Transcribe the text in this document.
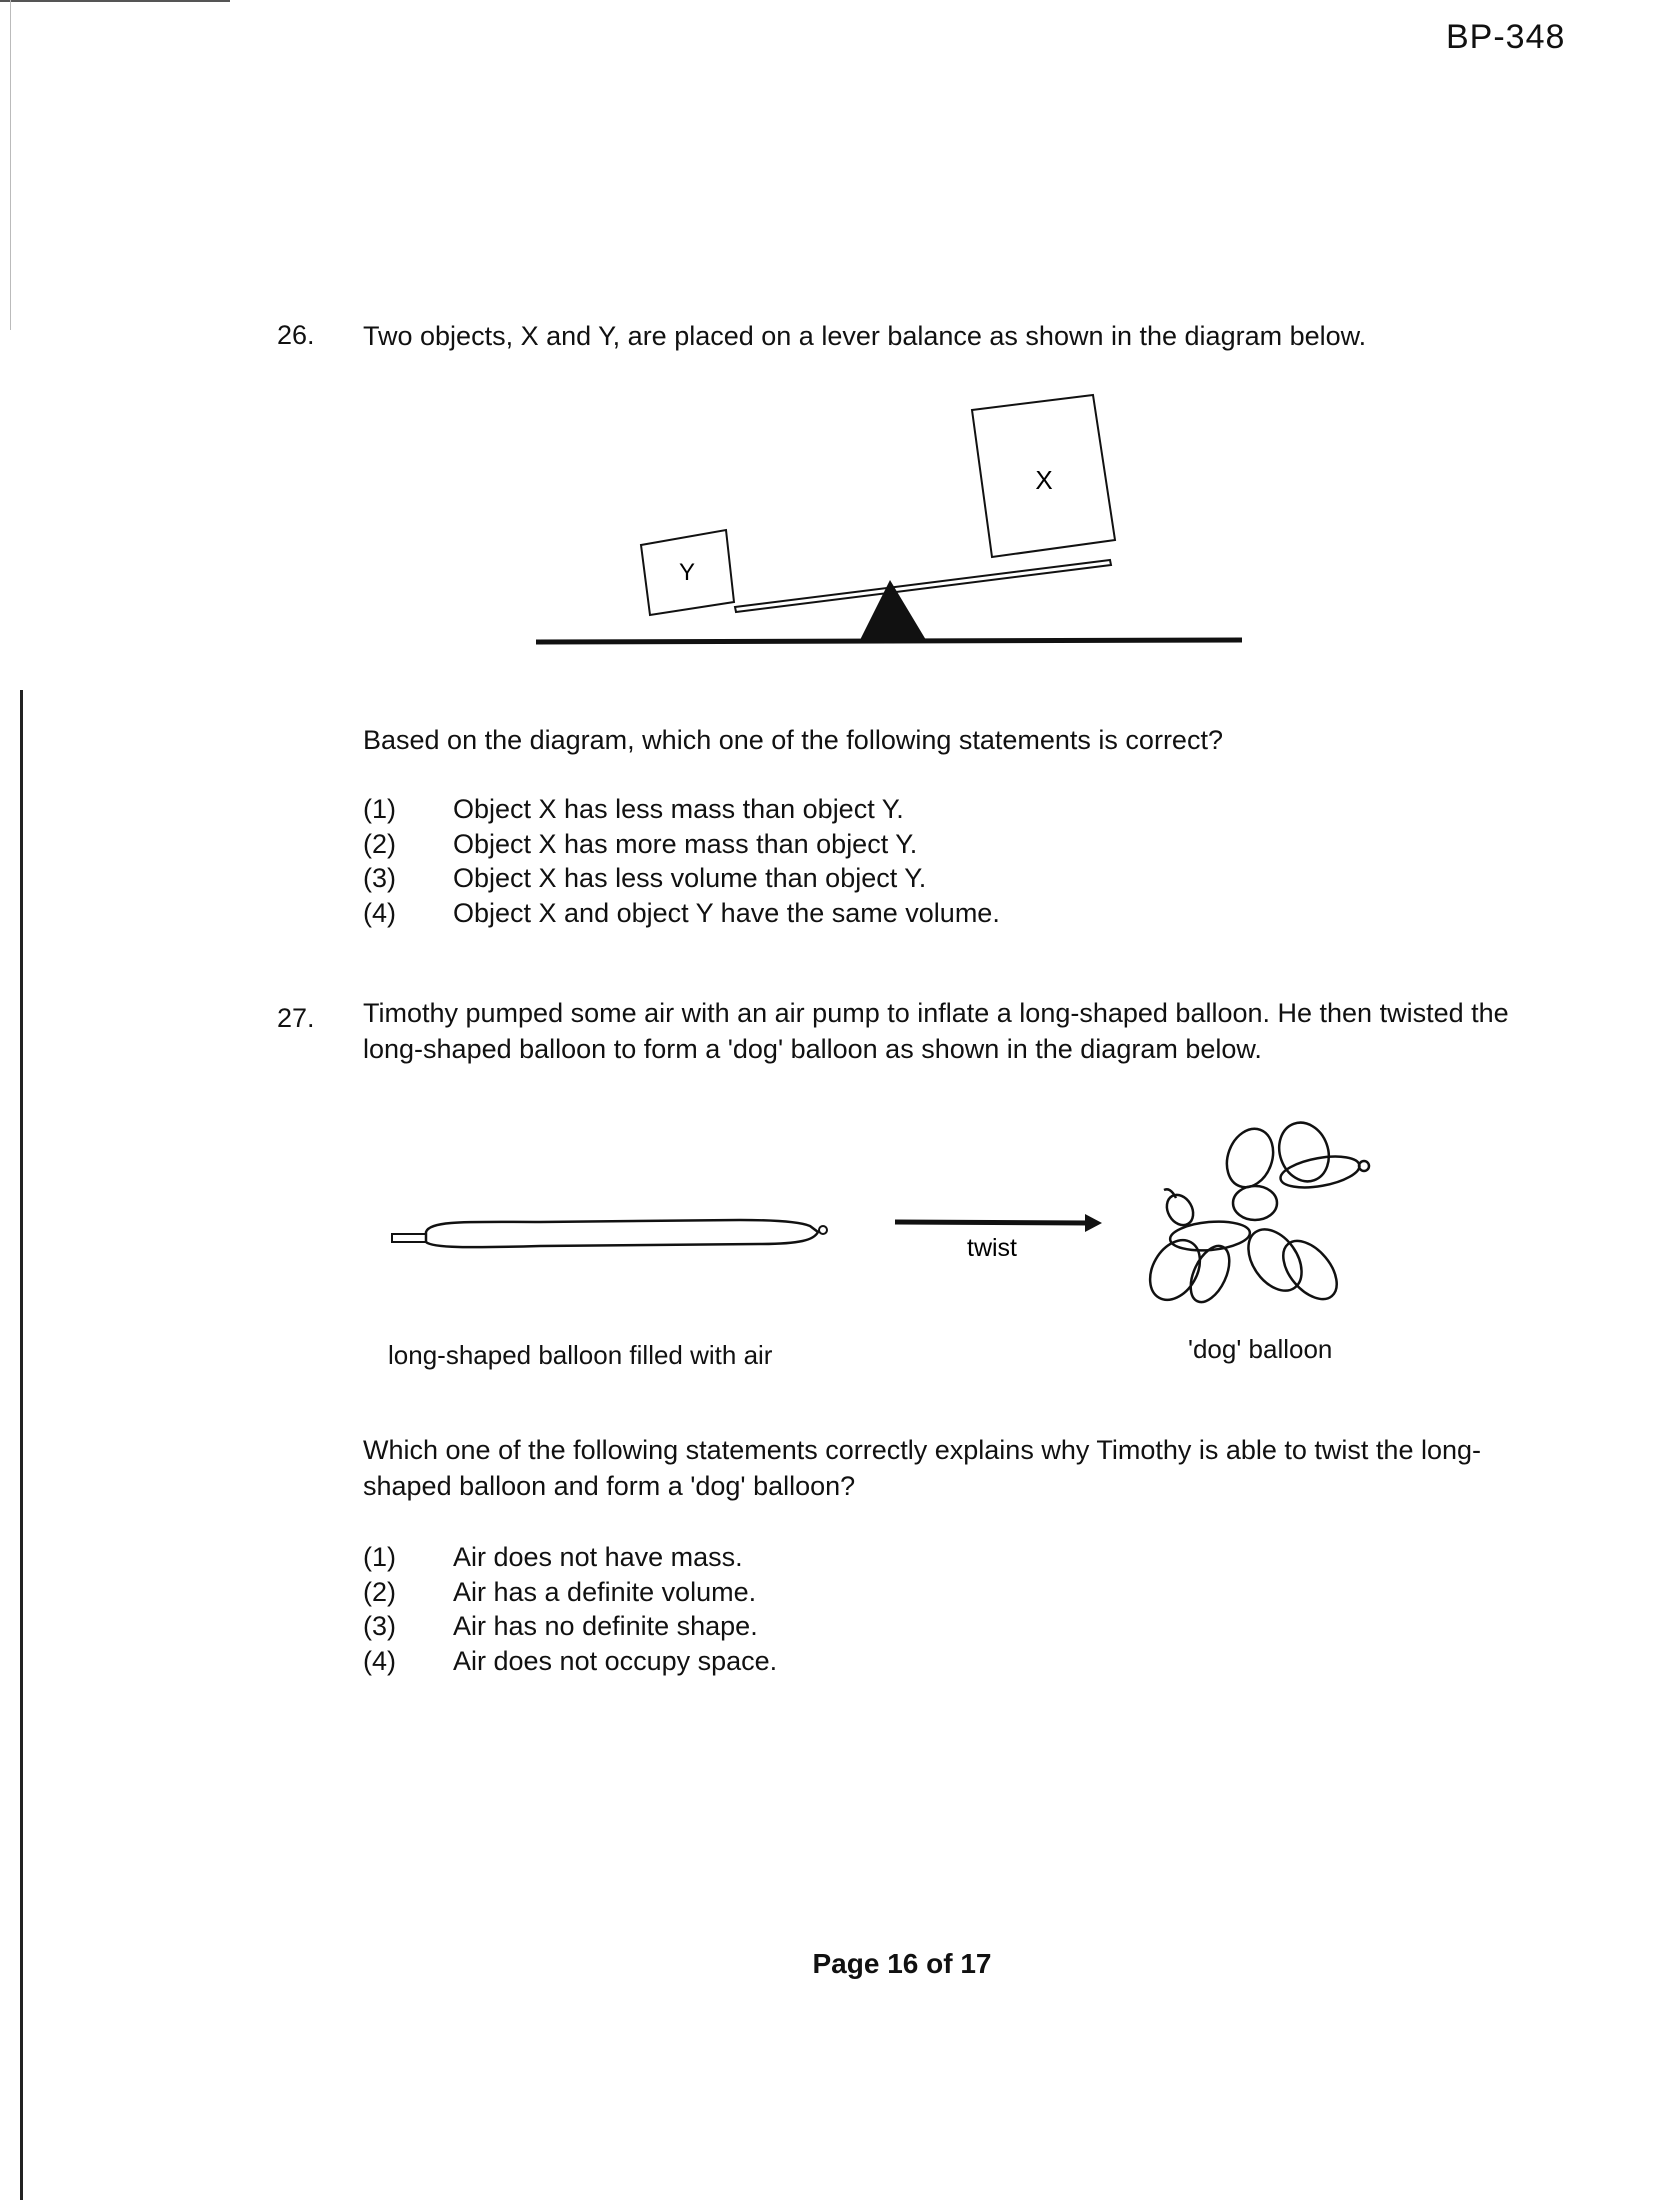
BP-348
26. Two objects, X and Y, are placed on a lever balance as shown in the diagram below.
Y
X
Based on the diagram, which one of the following statements is correct?
(1)	Object X has less mass than object Y.
(2)	Object X has more mass than object Y.
(3)	Object X has less volume than object Y.
(4)	Object X and object Y have the same volume.
27. Timothy pumped some air with an air pump to inflate a long-shaped balloon. He then twisted the long-shaped balloon to form a 'dog' balloon as shown in the diagram below.
twist
long-shaped balloon filled with air	'dog' balloon
Which one of the following statements correctly explains why Timothy is able to twist the long-shaped balloon and form a 'dog' balloon?
(1)	Air does not have mass.
(2)	Air has a definite volume.
(3)	Air has no definite shape.
(4)	Air does not occupy space.
Page 16 of 17
